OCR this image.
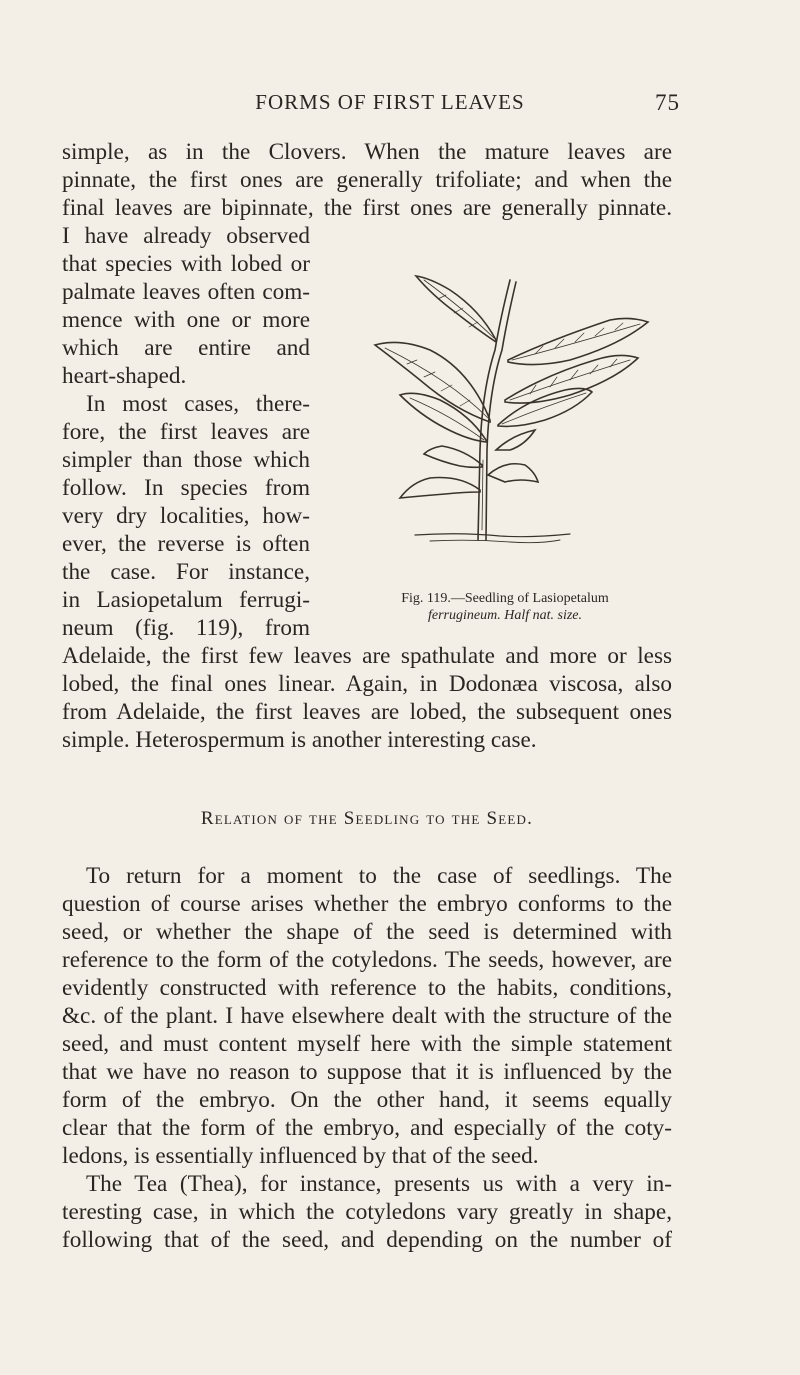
FORMS OF FIRST LEAVES	75
simple, as in the Clovers. When the mature leaves are
pinnate, the first ones are generally trifoliate; and when the
final leaves are bipinnate, the first ones are generally pinnate.
I have already observed
that species with lobed or
palmate leaves often com-
mence with one or more
which are entire and
heart-shaped.
In most cases, there-
fore, the first leaves are
simpler than those which
follow. In species from
very dry localities, how-
ever, the reverse is often
the case. For instance,
in Lasiopetalum ferrugi-
neum (fig. 119), from
Fig. 119.—Seedling of Lasiopetalum
ferrugineum. Half nat. size.
Adelaide, the first few leaves are spathulate and more or less
lobed, the final ones linear. Again, in Dodonæa viscosa, also
from Adelaide, the first leaves are lobed, the subsequent ones
simple. Heterospermum is another interesting case.
Relation of the Seedling to the Seed.
To return for a moment to the case of seedlings. The
question of course arises whether the embryo conforms to the
seed, or whether the shape of the seed is determined with
reference to the form of the cotyledons. The seeds, however, are
evidently constructed with reference to the habits, conditions,
&c. of the plant. I have elsewhere dealt with the structure of the
seed, and must content myself here with the simple statement
that we have no reason to suppose that it is influenced by the
form of the embryo. On the other hand, it seems equally
clear that the form of the embryo, and especially of the coty-
ledons, is essentially influenced by that of the seed.
The Tea (Thea), for instance, presents us with a very in-
teresting case, in which the cotyledons vary greatly in shape,
following that of the seed, and depending on the number of
